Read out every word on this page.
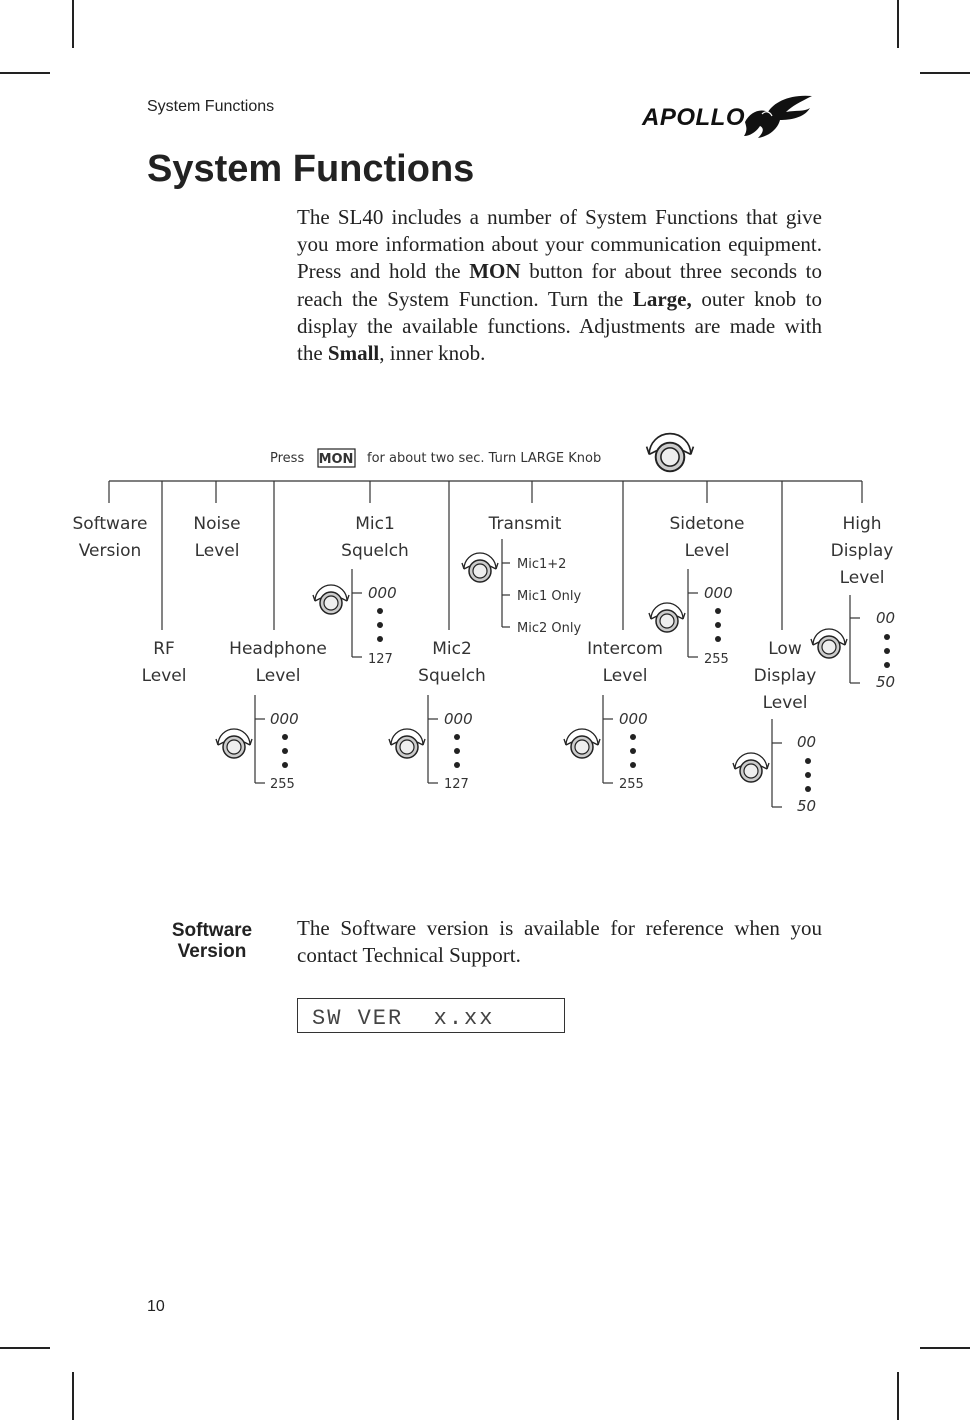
System Functions	APOLLO
System Functions

The SL40 includes a number of System Functions that give you more information about your communication equipment. Press and hold the MON button for about three seconds to reach the System Function. Turn the Large, outer knob to display the available functions. Adjustments are made with the Small, inner knob.

Press MON for about two sec. Turn LARGE Knob
Software
Version
Noise
Level
Mic1
Squelch
Transmit	Sidetone
Level
High
Display
Level
RF
Level
Headphone
Level
Mic2
Squelch
Intercom
Level
Low
Display
Level
Mic1+2
Mic1 Only
Mic2 Only
000
127
000
255
00
50
000
255
000
127
000
255
00
50
Software
Version

The Software version is available for reference when you contact Technical Support.

SW VER  x.xx
10
